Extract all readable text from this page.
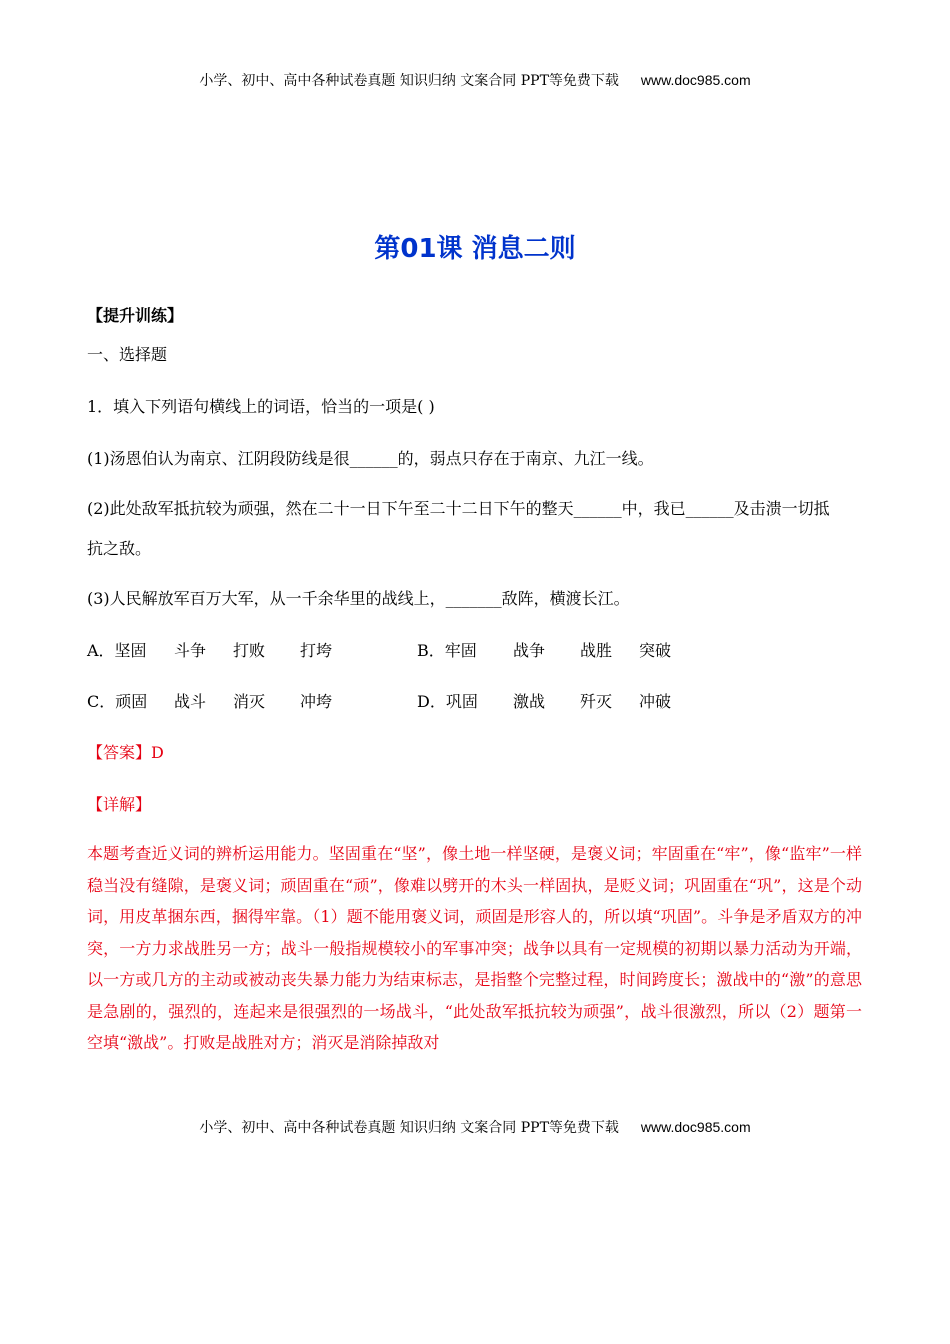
小学、初中、高中各种试卷真题 知识归纳 文案合同 PPT等免费下载 www.doc985.com
第01课 消息二则
【提升训练】
一、选择题
1．填入下列语句横线上的词语，恰当的一项是( )
(1)汤恩伯认为南京、江阴段防线是很______的，弱点只存在于南京、九江一线。
(2)此处敌军抵抗较为顽强，然在二十一日下午至二十二日下午的整天______中，我已______及击溃一切抵
抗之敌。
(3)人民解放军百万大军，从一千余华里的战线上，_______敌阵，横渡长江。
A．坚固 斗争 打败 打垮	B．牢固 战争 战胜 突破
C．顽固 战斗 消灭 冲垮	D．巩固 激战 歼灭 冲破
【答案】D
【详解】
本题考查近义词的辨析运用能力。坚固重在“坚”，像土地一样坚硬，是褒义词；牢固重在“牢”，像“监牢”一样稳当没有缝隙，是褒义词；顽固重在“顽”，像难以劈开的木头一样固执，是贬义词；巩固重在“巩”，这是个动词，用皮革捆东西，捆得牢靠。（1）题不能用褒义词，顽固是形容人的，所以填“巩固”。斗争是矛盾双方的冲突，一方力求战胜另一方；战斗一般指规模较小的军事冲突；战争以具有一定规模的初期以暴力活动为开端，以一方或几方的主动或被动丧失暴力能力为结束标志，是指整个完整过程，时间跨度长；激战中的“激”的意思是急剧的，强烈的，连起来是很强烈的一场战斗，“此处敌军抵抗较为顽强”，战斗很激烈，所以（2）题第一空填“激战”。打败是战胜对方；消灭是消除掉敌对
小学、初中、高中各种试卷真题 知识归纳 文案合同 PPT等免费下载 www.doc985.com
